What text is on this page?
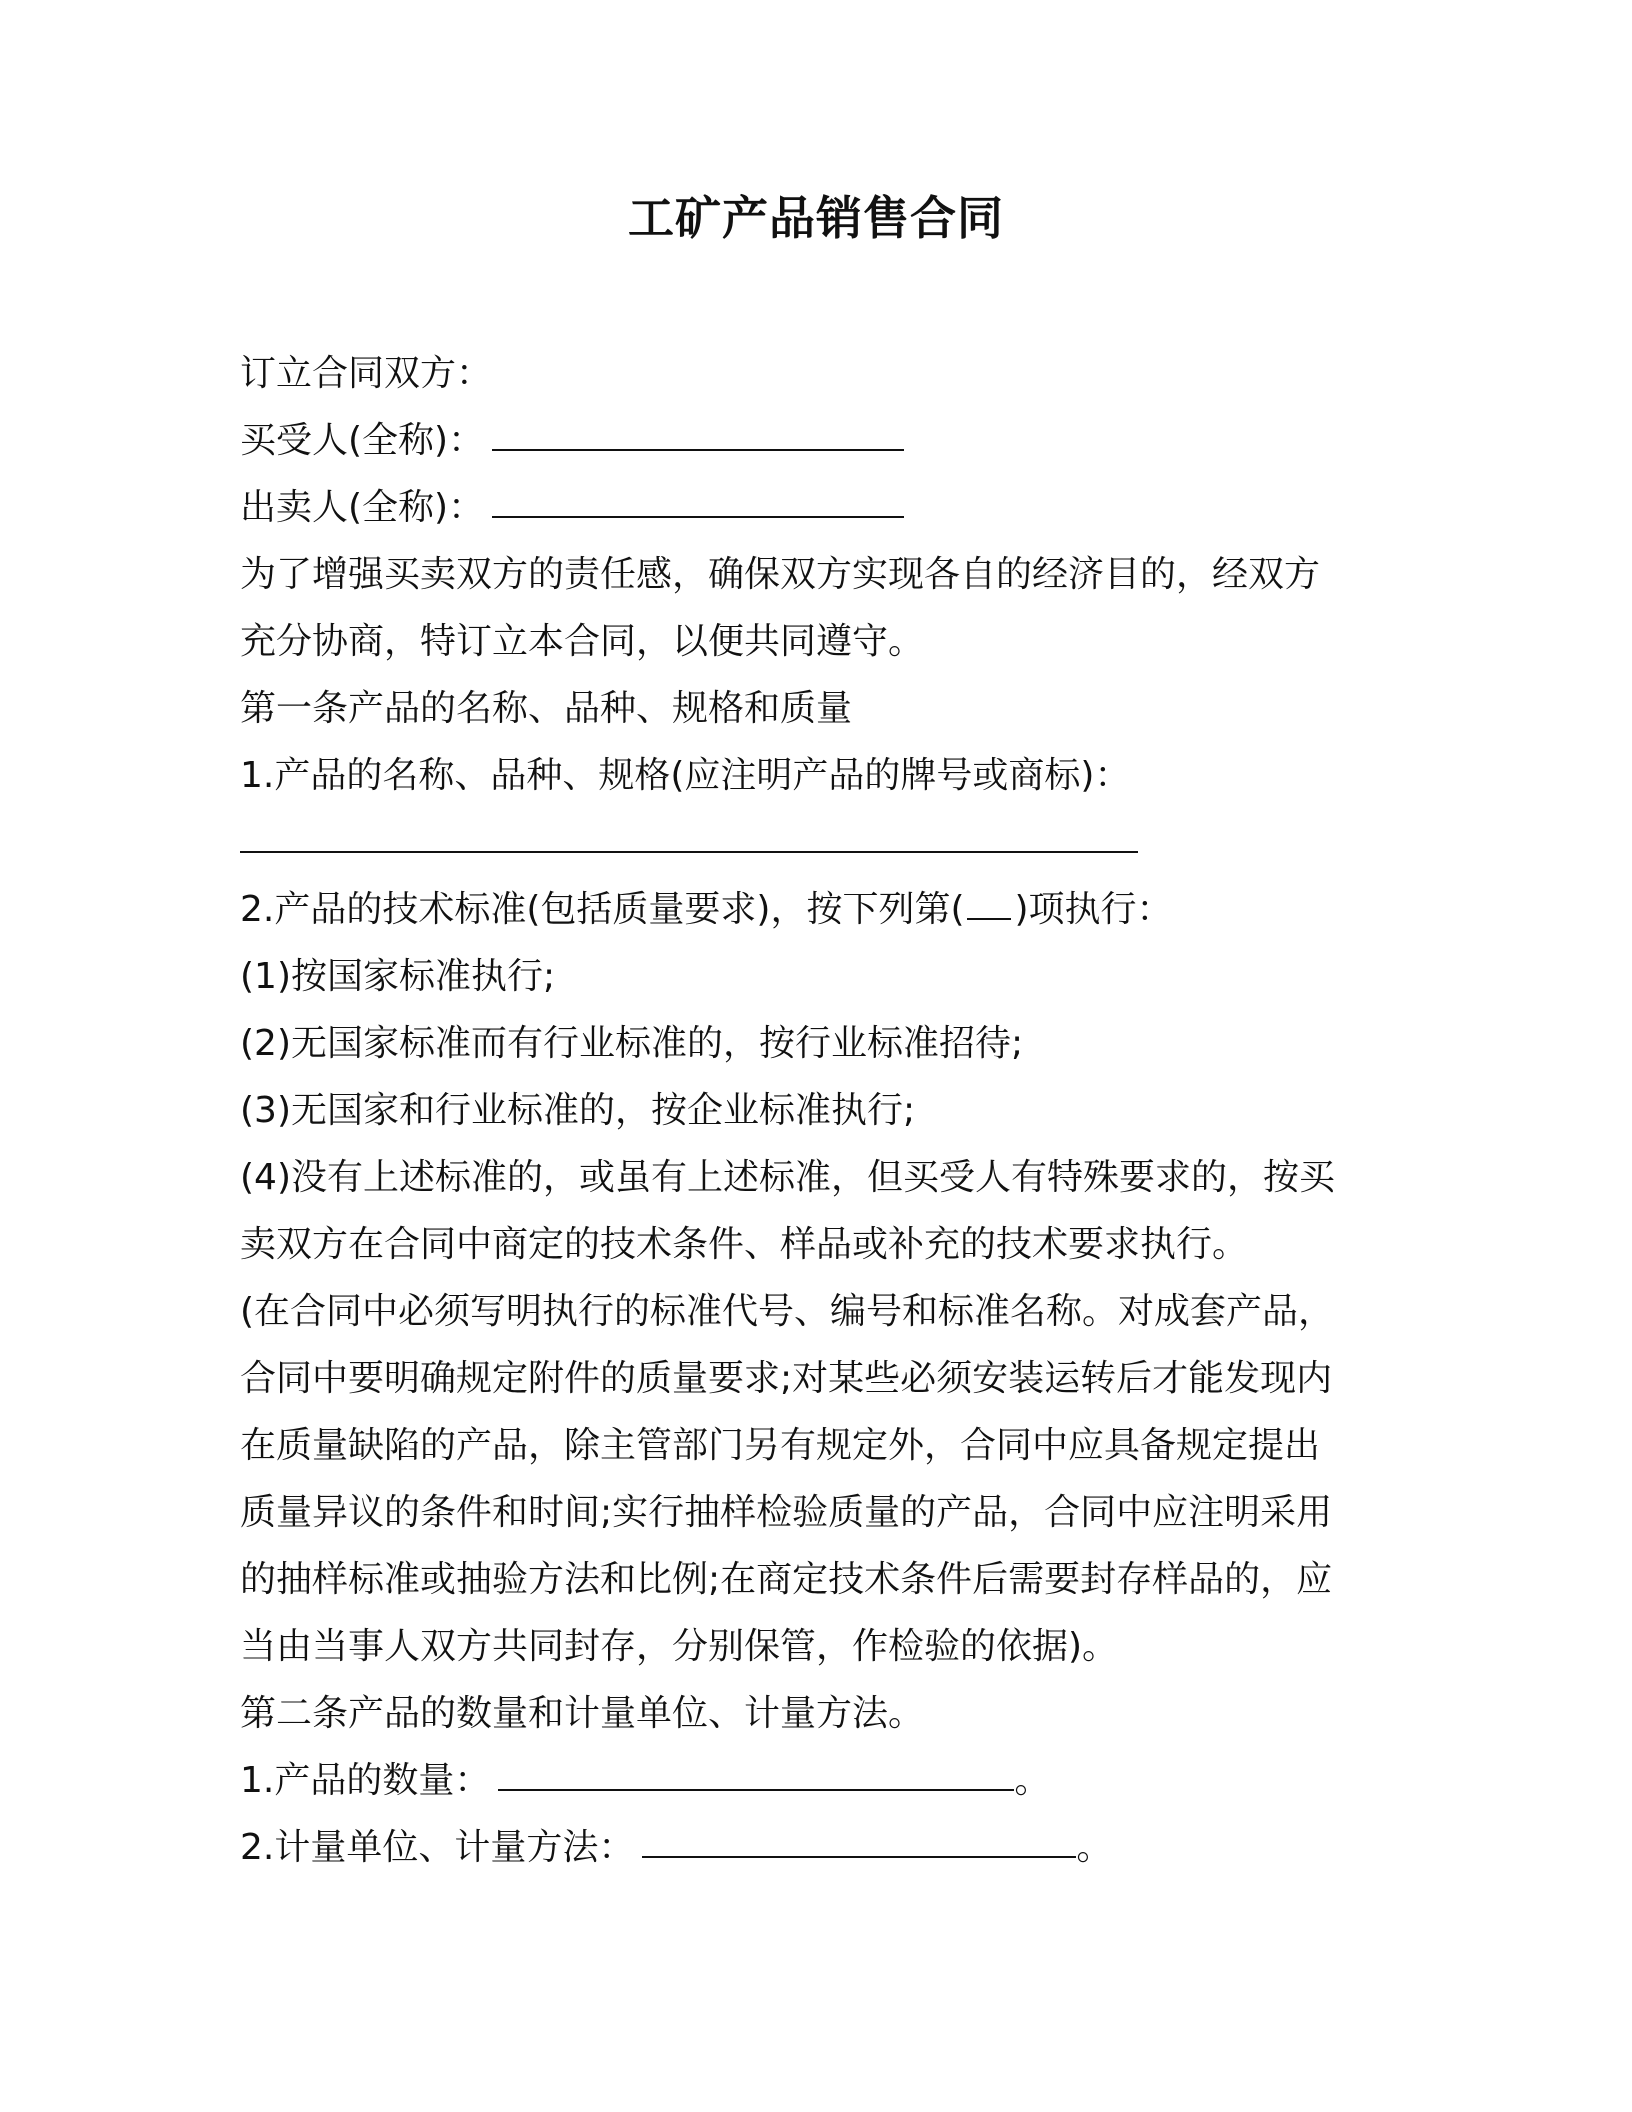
工矿产品销售合同
订立合同双方：
买受人(全称)：
出卖人(全称)：
为了增强买卖双方的责任感，确保双方实现各自的经济目的，经双方
充分协商，特订立本合同，以便共同遵守。
第一条产品的名称、品种、规格和质量
1.产品的名称、品种、规格(应注明产品的牌号或商标)：
2.产品的技术标准(包括质量要求)，按下列第( )项执行：
(1)按国家标准执行;
(2)无国家标准而有行业标准的，按行业标准招待;
(3)无国家和行业标准的，按企业标准执行;
(4)没有上述标准的，或虽有上述标准，但买受人有特殊要求的，按买
卖双方在合同中商定的技术条件、样品或补充的技术要求执行。
(在合同中必须写明执行的标准代号、编号和标准名称。对成套产品，
合同中要明确规定附件的质量要求;对某些必须安装运转后才能发现内
在质量缺陷的产品，除主管部门另有规定外，合同中应具备规定提出
质量异议的条件和时间;实行抽样检验质量的产品，合同中应注明采用
的抽样标准或抽验方法和比例;在商定技术条件后需要封存样品的，应
当由当事人双方共同封存，分别保管，作检验的依据)。
第二条产品的数量和计量单位、计量方法。
1.产品的数量：	。
2.计量单位、计量方法：	。
